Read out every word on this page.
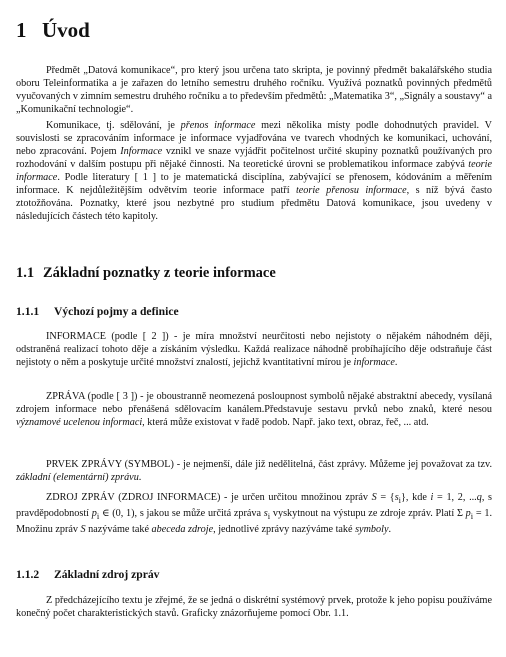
1 Úvod

Předmět „Datová komunikace“, pro který jsou určena tato skripta, je povinný předmět bakalářského studia oboru Teleinformatika a je zařazen do letního semestru druhého ročníku. Využívá poznatků povinných předmětů vyučovaných v zimním semestru druhého ročníku a to především předmětů: „Matematika 3“, „Signály a soustavy“ a „Komunikační technologie“.

Komunikace, tj. sdělování, je přenos informace mezi několika místy podle dohodnutých pravidel. V souvislosti se zpracováním informace je informace vyjadřována ve tvarech vhodných ke komunikaci, uchování, nebo zpracování. Pojem Informace vznikl ve snaze vyjádřit počitelnost určité skupiny poznatků používaných pro rozhodování v dalším postupu při nějaké činnosti. Na teoretické úrovni se problematikou informace zabývá teorie informace. Podle literatury [ 1 ] to je matematická disciplína, zabývající se přenosem, kódováním a měřením informace. K nejdůležitějším odvětvím teorie informace patří teorie přenosu informace, s níž bývá často ztotožňována. Poznatky, které jsou nezbytné pro studium předmětu Datová komunikace, jsou uvedeny v následujících částech této kapitoly.

1.1 Základní poznatky z teorie informace
1.1.1 Výchozí pojmy a definice

INFORMACE (podle [ 2 ]) - je míra množství neurčitosti nebo nejistoty o nějakém náhodném ději, odstraněná realizací tohoto děje a získáním výsledku. Každá realizace náhodně probíhajícího děje odstraňuje část nejistoty o něm a poskytuje určité množství znalostí, jejichž kvantitativní mírou je informace.

ZPRÁVA (podle [ 3 ]) - je oboustranně neomezená posloupnost symbolů nějaké abstraktní abecedy, vysílaná zdrojem informace nebo přenášená sdělovacím kanálem.Představuje sestavu prvků nebo znaků, které nesou významové ucelenou informaci, která může existovat v řadě podob. Např. jako text, obraz, řeč, ... atd.

PRVEK ZPRÁVY (SYMBOL) - je nejmenší, dále již nedělitelná, část zprávy. Můžeme jej považovat za tzv. základní (elementární) zprávu.

ZDROJ ZPRÁV (ZDROJ INFORMACE) - je určen určitou množinou zpráv $S = \{s_i\}$, kde i = 1, 2, ...q, s pravděpodobností $p_i$ ∈ (0, 1), s jakou se může určitá zpráva $s_i$ vyskytnout na výstupu ze zdroje zpráv. Platí Σ $p_i = 1$. Množinu zpráv S nazýváme také abeceda zdroje, jednotlivé zprávy nazýváme také symboly.

1.1.2 Základní zdroj zpráv

Z předcházejícího textu je zřejmé, že se jedná o diskrétní systémový prvek, protože k jeho popisu používáme konečný počet charakteristických stavů. Graficky znázorňujeme pomocí Obr. 1.1.
